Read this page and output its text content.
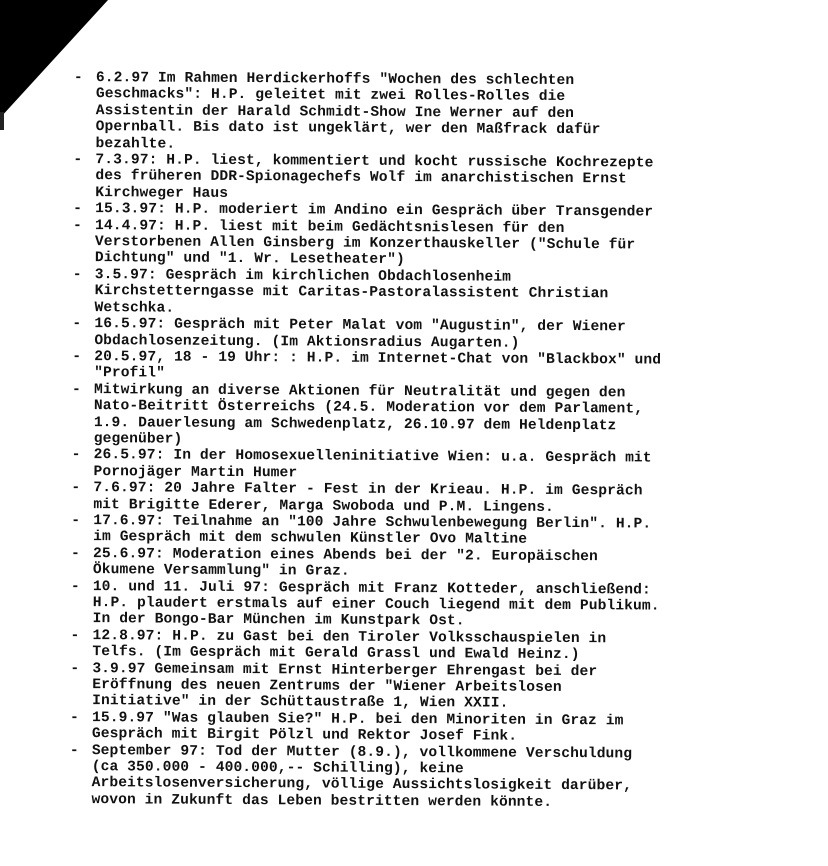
- 6.2.97 Im Rahmen Herdickerhoffs "Wochen des schlechten
Geschmacks": H.P. geleitet mit zwei Rolles-Rolles die
Assistentin der Harald Schmidt-Show Ine Werner auf den
Opernball. Bis dato ist ungeklärt, wer den Maßfrack dafür
bezahlte.
- 7.3.97: H.P. liest, kommentiert und kocht russische Kochrezepte
des früheren DDR-Spionagechefs Wolf im anarchistischen Ernst
Kirchweger Haus
- 15.3.97: H.P. moderiert im Andino ein Gespräch über Transgender
- 14.4.97: H.P. liest mit beim Gedächtsnislesen für den
Verstorbenen Allen Ginsberg im Konzerthauskeller ("Schule für
Dichtung" und "1. Wr. Lesetheater")
- 3.5.97: Gespräch im kirchlichen Obdachlosenheim
Kirchstetterngasse mit Caritas-Pastoralassistent Christian
Wetschka.
- 16.5.97: Gespräch mit Peter Malat vom "Augustin", der Wiener
Obdachlosenzeitung. (Im Aktionsradius Augarten.)
- 20.5.97, 18 - 19 Uhr: : H.P. im Internet-Chat von "Blackbox" und
"Profil"
- Mitwirkung an diverse Aktionen für Neutralität und gegen den
Nato-Beitritt Österreichs (24.5. Moderation vor dem Parlament,
1.9. Dauerlesung am Schwedenplatz, 26.10.97 dem Heldenplatz
gegenüber)
- 26.5.97: In der Homosexuelleninitiative Wien: u.a. Gespräch mit
Pornojäger Martin Humer
- 7.6.97: 20 Jahre Falter - Fest in der Krieau. H.P. im Gespräch
mit Brigitte Ederer, Marga Swoboda und P.M. Lingens.
- 17.6.97: Teilnahme an "100 Jahre Schwulenbewegung Berlin". H.P.
im Gespräch mit dem schwulen Künstler Ovo Maltine
- 25.6.97: Moderation eines Abends bei der "2. Europäischen
Ökumene Versammlung" in Graz.
- 10. und 11. Juli 97: Gespräch mit Franz Kotteder, anschließend:
H.P. plaudert erstmals auf einer Couch liegend mit dem Publikum.
In der Bongo-Bar München im Kunstpark Ost.
- 12.8.97: H.P. zu Gast bei den Tiroler Volksschauspielen in
Telfs. (Im Gespräch mit Gerald Grassl und Ewald Heinz.)
- 3.9.97 Gemeinsam mit Ernst Hinterberger Ehrengast bei der
Eröffnung des neuen Zentrums der "Wiener Arbeitslosen
Initiative" in der Schüttaustraße 1, Wien XXII.
- 15.9.97 "Was glauben Sie?" H.P. bei den Minoriten in Graz im
Gespräch mit Birgit Pölzl und Rektor Josef Fink.
- September 97: Tod der Mutter (8.9.), vollkommene Verschuldung
(ca 350.000 - 400.000,-- Schilling), keine
Arbeitslosenversicherung, völlige Aussichtslosigkeit darüber,
wovon in Zukunft das Leben bestritten werden könnte.
